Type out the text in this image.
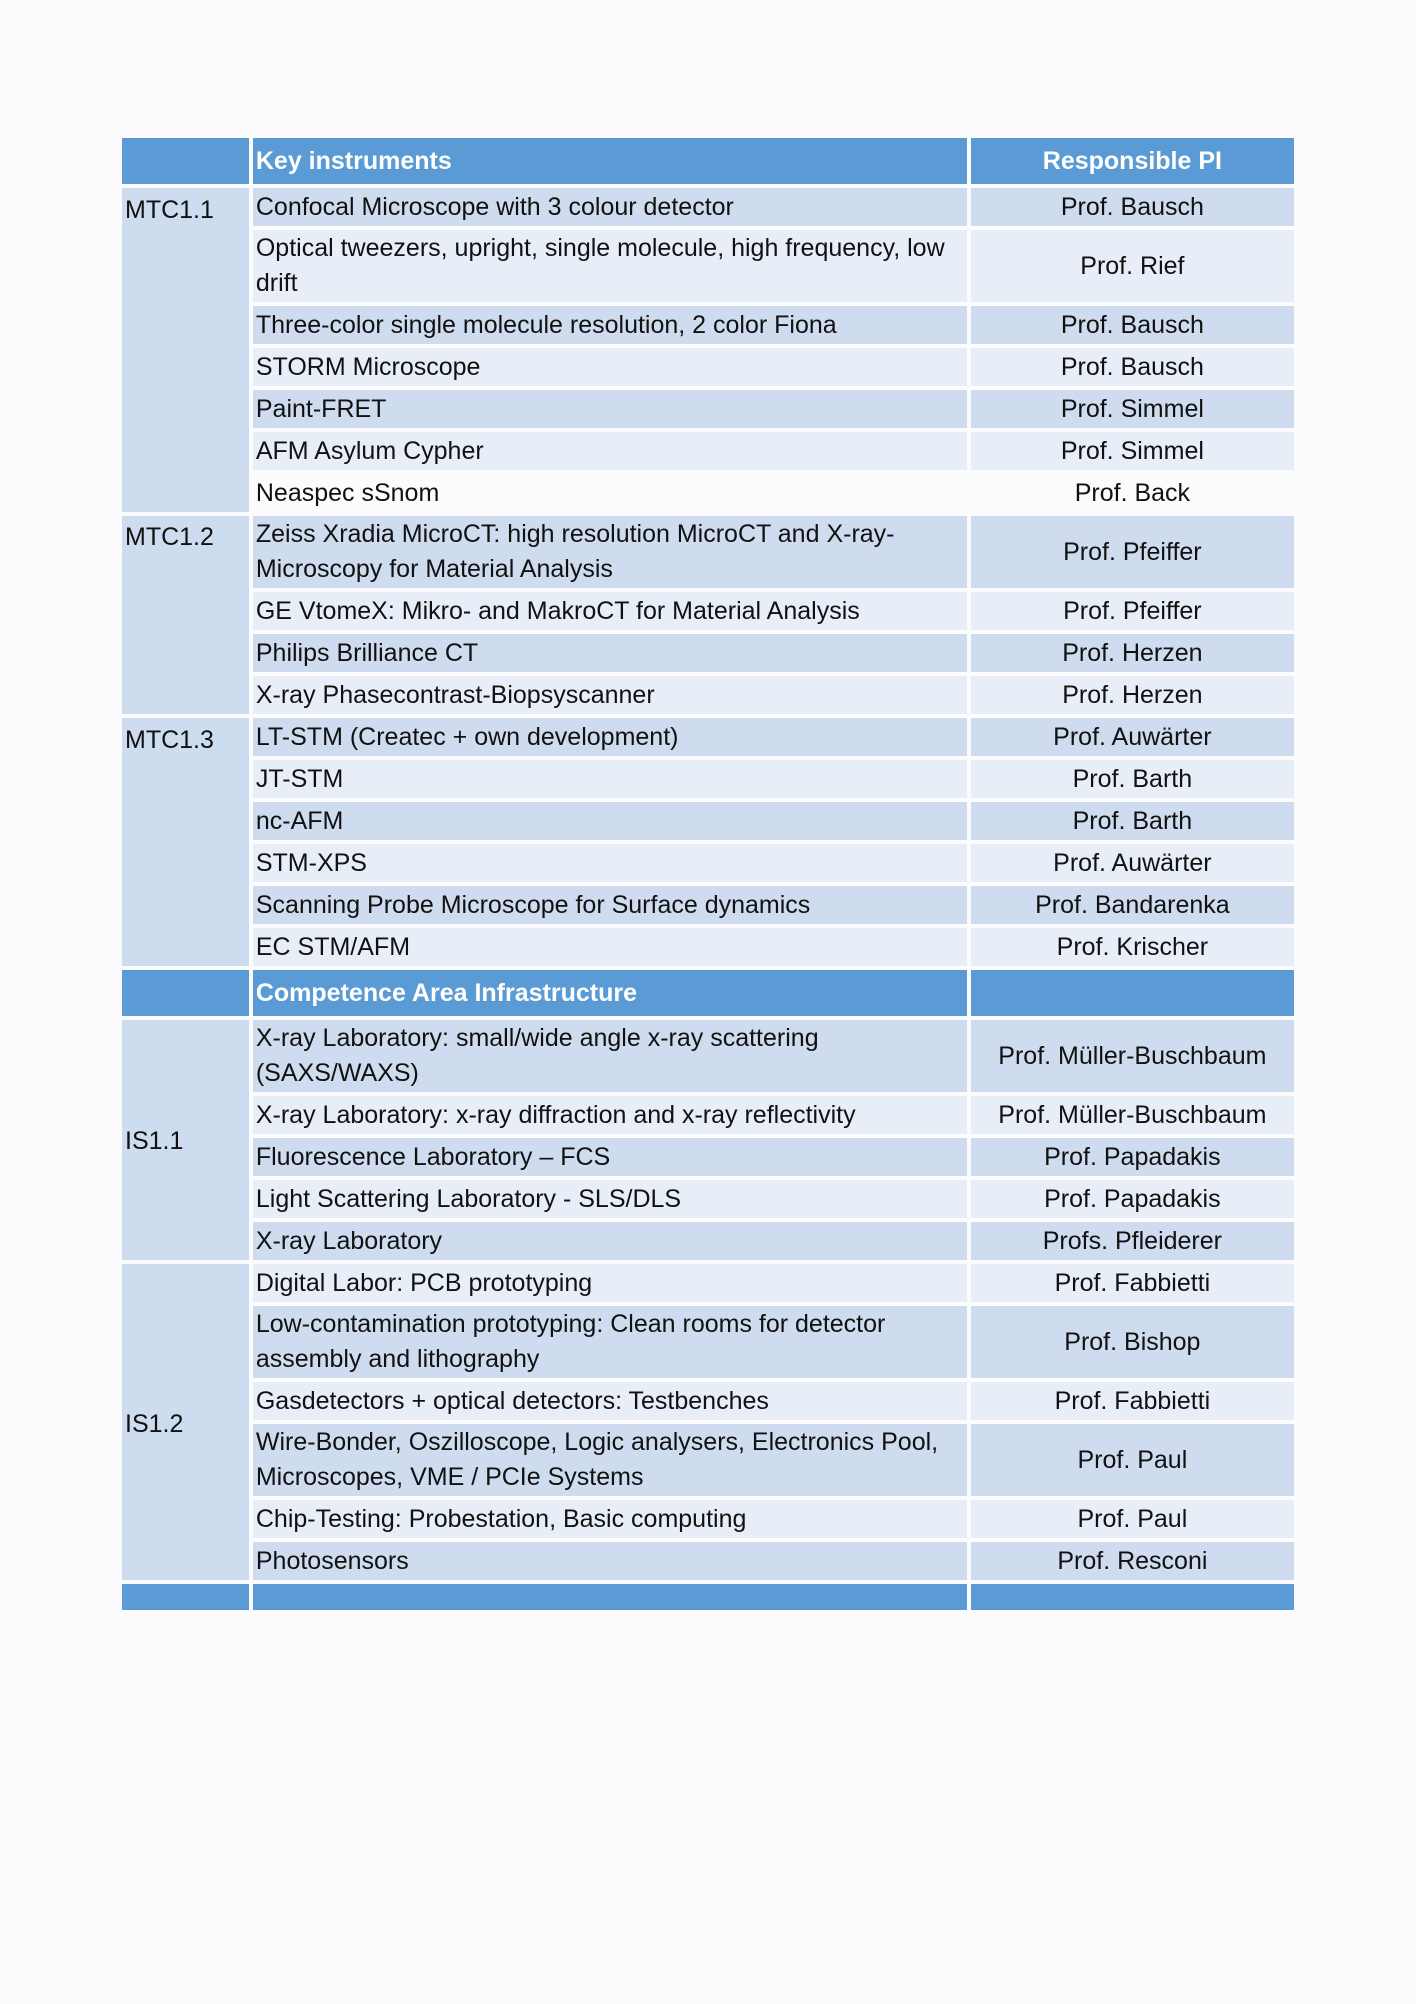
	Key instruments	Responsible PI
MTC1.1	Confocal Microscope with 3 colour detector	Prof. Bausch
	Optical tweezers, upright, single molecule, high frequency, low drift	Prof. Rief
	Three-color single molecule resolution, 2 color Fiona	Prof. Bausch
	STORM Microscope	Prof. Bausch
	Paint-FRET	Prof. Simmel
	AFM Asylum Cypher	Prof. Simmel
	Neaspec sSnom	Prof. Back
MTC1.2	Zeiss Xradia MicroCT: high resolution MicroCT and X-ray-Microscopy for Material Analysis	Prof. Pfeiffer
	GE VtomeX: Mikro- and MakroCT for Material Analysis	Prof. Pfeiffer
	Philips Brilliance CT	Prof. Herzen
	X-ray Phasecontrast-Biopsyscanner	Prof. Herzen
MTC1.3	LT-STM (Createc + own development)	Prof. Auwärter
	JT-STM	Prof. Barth
	nc-AFM	Prof. Barth
	STM-XPS	Prof. Auwärter
	Scanning Probe Microscope for Surface dynamics	Prof. Bandarenka
	EC STM/AFM	Prof. Krischer
	Competence Area Infrastructure	
IS1.1	X-ray Laboratory: small/wide angle x-ray scattering (SAXS/WAXS)	Prof. Müller-Buschbaum
	X-ray Laboratory: x-ray diffraction and x-ray reflectivity	Prof. Müller-Buschbaum
	Fluorescence Laboratory – FCS	Prof. Papadakis
	Light Scattering Laboratory - SLS/DLS	Prof. Papadakis
	X-ray Laboratory	Profs. Pfleiderer
IS1.2	Digital Labor: PCB prototyping	Prof. Fabbietti
	Low-contamination prototyping: Clean rooms for detector assembly and lithography	Prof. Bishop
	Gasdetectors + optical detectors: Testbenches	Prof. Fabbietti
	Wire-Bonder, Oszilloscope, Logic analysers, Electronics Pool, Microscopes, VME / PCIe Systems	Prof. Paul
	Chip-Testing: Probestation, Basic computing	Prof. Paul
	Photosensors	Prof. Resconi
